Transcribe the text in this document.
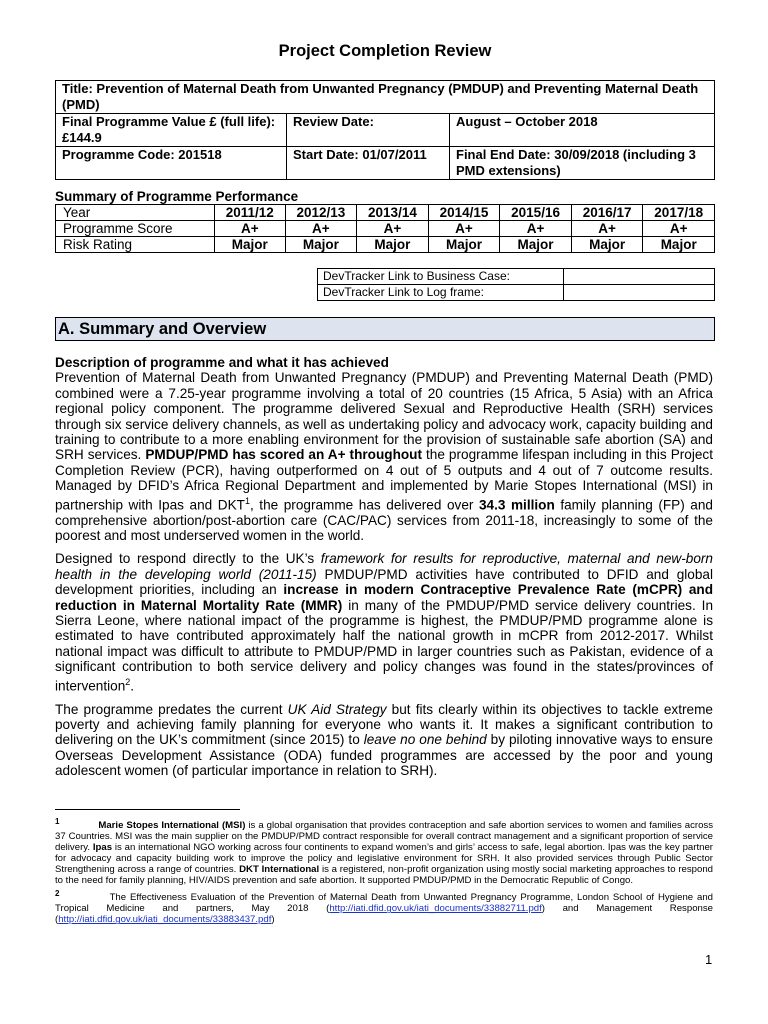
Project Completion Review
Title: Prevention of Maternal Death from Unwanted Pregnancy (PMDUP) and Preventing Maternal Death (PMD)		
Final Programme Value £ (full life): £144.9	Review Date:	August – October 2018
Programme Code: 201518	Start Date: 01/07/2011	Final End Date: 30/09/2018 (including 3 PMD extensions)
Summary of Programme Performance
Year	2011/12	2012/13	2013/14	2014/15	2015/16	2016/17	2017/18
Programme Score	A+	A+	A+	A+	A+	A+	A+
Risk Rating	Major	Major	Major	Major	Major	Major	Major
DevTracker Link to Business Case:	
DevTracker Link to Log frame:	
A. Summary and Overview

Description of programme and what it has achieved
Prevention of Maternal Death from Unwanted Pregnancy (PMDUP) and Preventing Maternal Death (PMD) combined were a 7.25-year programme involving a total of 20 countries (15 Africa, 5 Asia) with an Africa regional policy component. The programme delivered Sexual and Reproductive Health (SRH) services through six service delivery channels, as well as undertaking policy and advocacy work, capacity building and training to contribute to a more enabling environment for the provision of sustainable safe abortion (SA) and SRH services. PMDUP/PMD has scored an A+ throughout the programme lifespan including in this Project Completion Review (PCR), having outperformed on 4 out of 5 outputs and 4 out of 7 outcome results. Managed by DFID’s Africa Regional Department and implemented by Marie Stopes International (MSI) in partnership with Ipas and DKT$^1$, the programme has delivered over 34.3 million family planning (FP) and comprehensive abortion/post-abortion care (CAC/PAC) services from 2011-18, increasingly to some of the poorest and most underserved women in the world.

Designed to respond directly to the UK’s framework for results for reproductive, maternal and new-born health in the developing world (2011-15) PMDUP/PMD activities have contributed to DFID and global development priorities, including an increase in modern Contraceptive Prevalence Rate (mCPR) and reduction in Maternal Mortality Rate (MMR) in many of the PMDUP/PMD service delivery countries. In Sierra Leone, where national impact of the programme is highest, the PMDUP/PMD programme alone is estimated to have contributed approximately half the national growth in mCPR from 2012-2017. Whilst national impact was difficult to attribute to PMDUP/PMD in larger countries such as Pakistan, evidence of a significant contribution to both service delivery and policy changes was found in the states/provinces of intervention$^2$.

The programme predates the current UK Aid Strategy but fits clearly within its objectives to tackle extreme poverty and achieving family planning for everyone who wants it. It makes a significant contribution to delivering on the UK’s commitment (since 2015) to leave no one behind by piloting innovative ways to ensure Overseas Development Assistance (ODA) funded programmes are accessed by the poor and young adolescent women (of particular importance in relation to SRH).

$^1$	Marie Stopes International (MSI) is a global organisation that provides contraception and safe abortion services to women and families across 37 Countries. MSI was the main supplier on the PMDUP/PMD contract responsible for overall contract management and a significant proportion of service delivery. Ipas is an international NGO working across four continents to expand women’s and girls’ access to safe, legal abortion. Ipas was the key partner for advocacy and capacity building work to improve the policy and legislative environment for SRH. It also provided services through Public Sector Strengthening across a range of countries. DKT International is a registered, non-profit organization using mostly social marketing approaches to respond to the need for family planning, HIV/AIDS prevention and safe abortion. It supported PMDUP/PMD in the Democratic Republic of Congo.

$^2$	The Effectiveness Evaluation of the Prevention of Maternal Death from Unwanted Pregnancy Programme, London School of Hygiene and Tropical Medicine and partners, May 2018 (http://iati.dfid.gov.uk/iati_documents/33882711.pdf) and Management Response (http://iati.dfid.gov.uk/iati_documents/33883437.pdf)

1
